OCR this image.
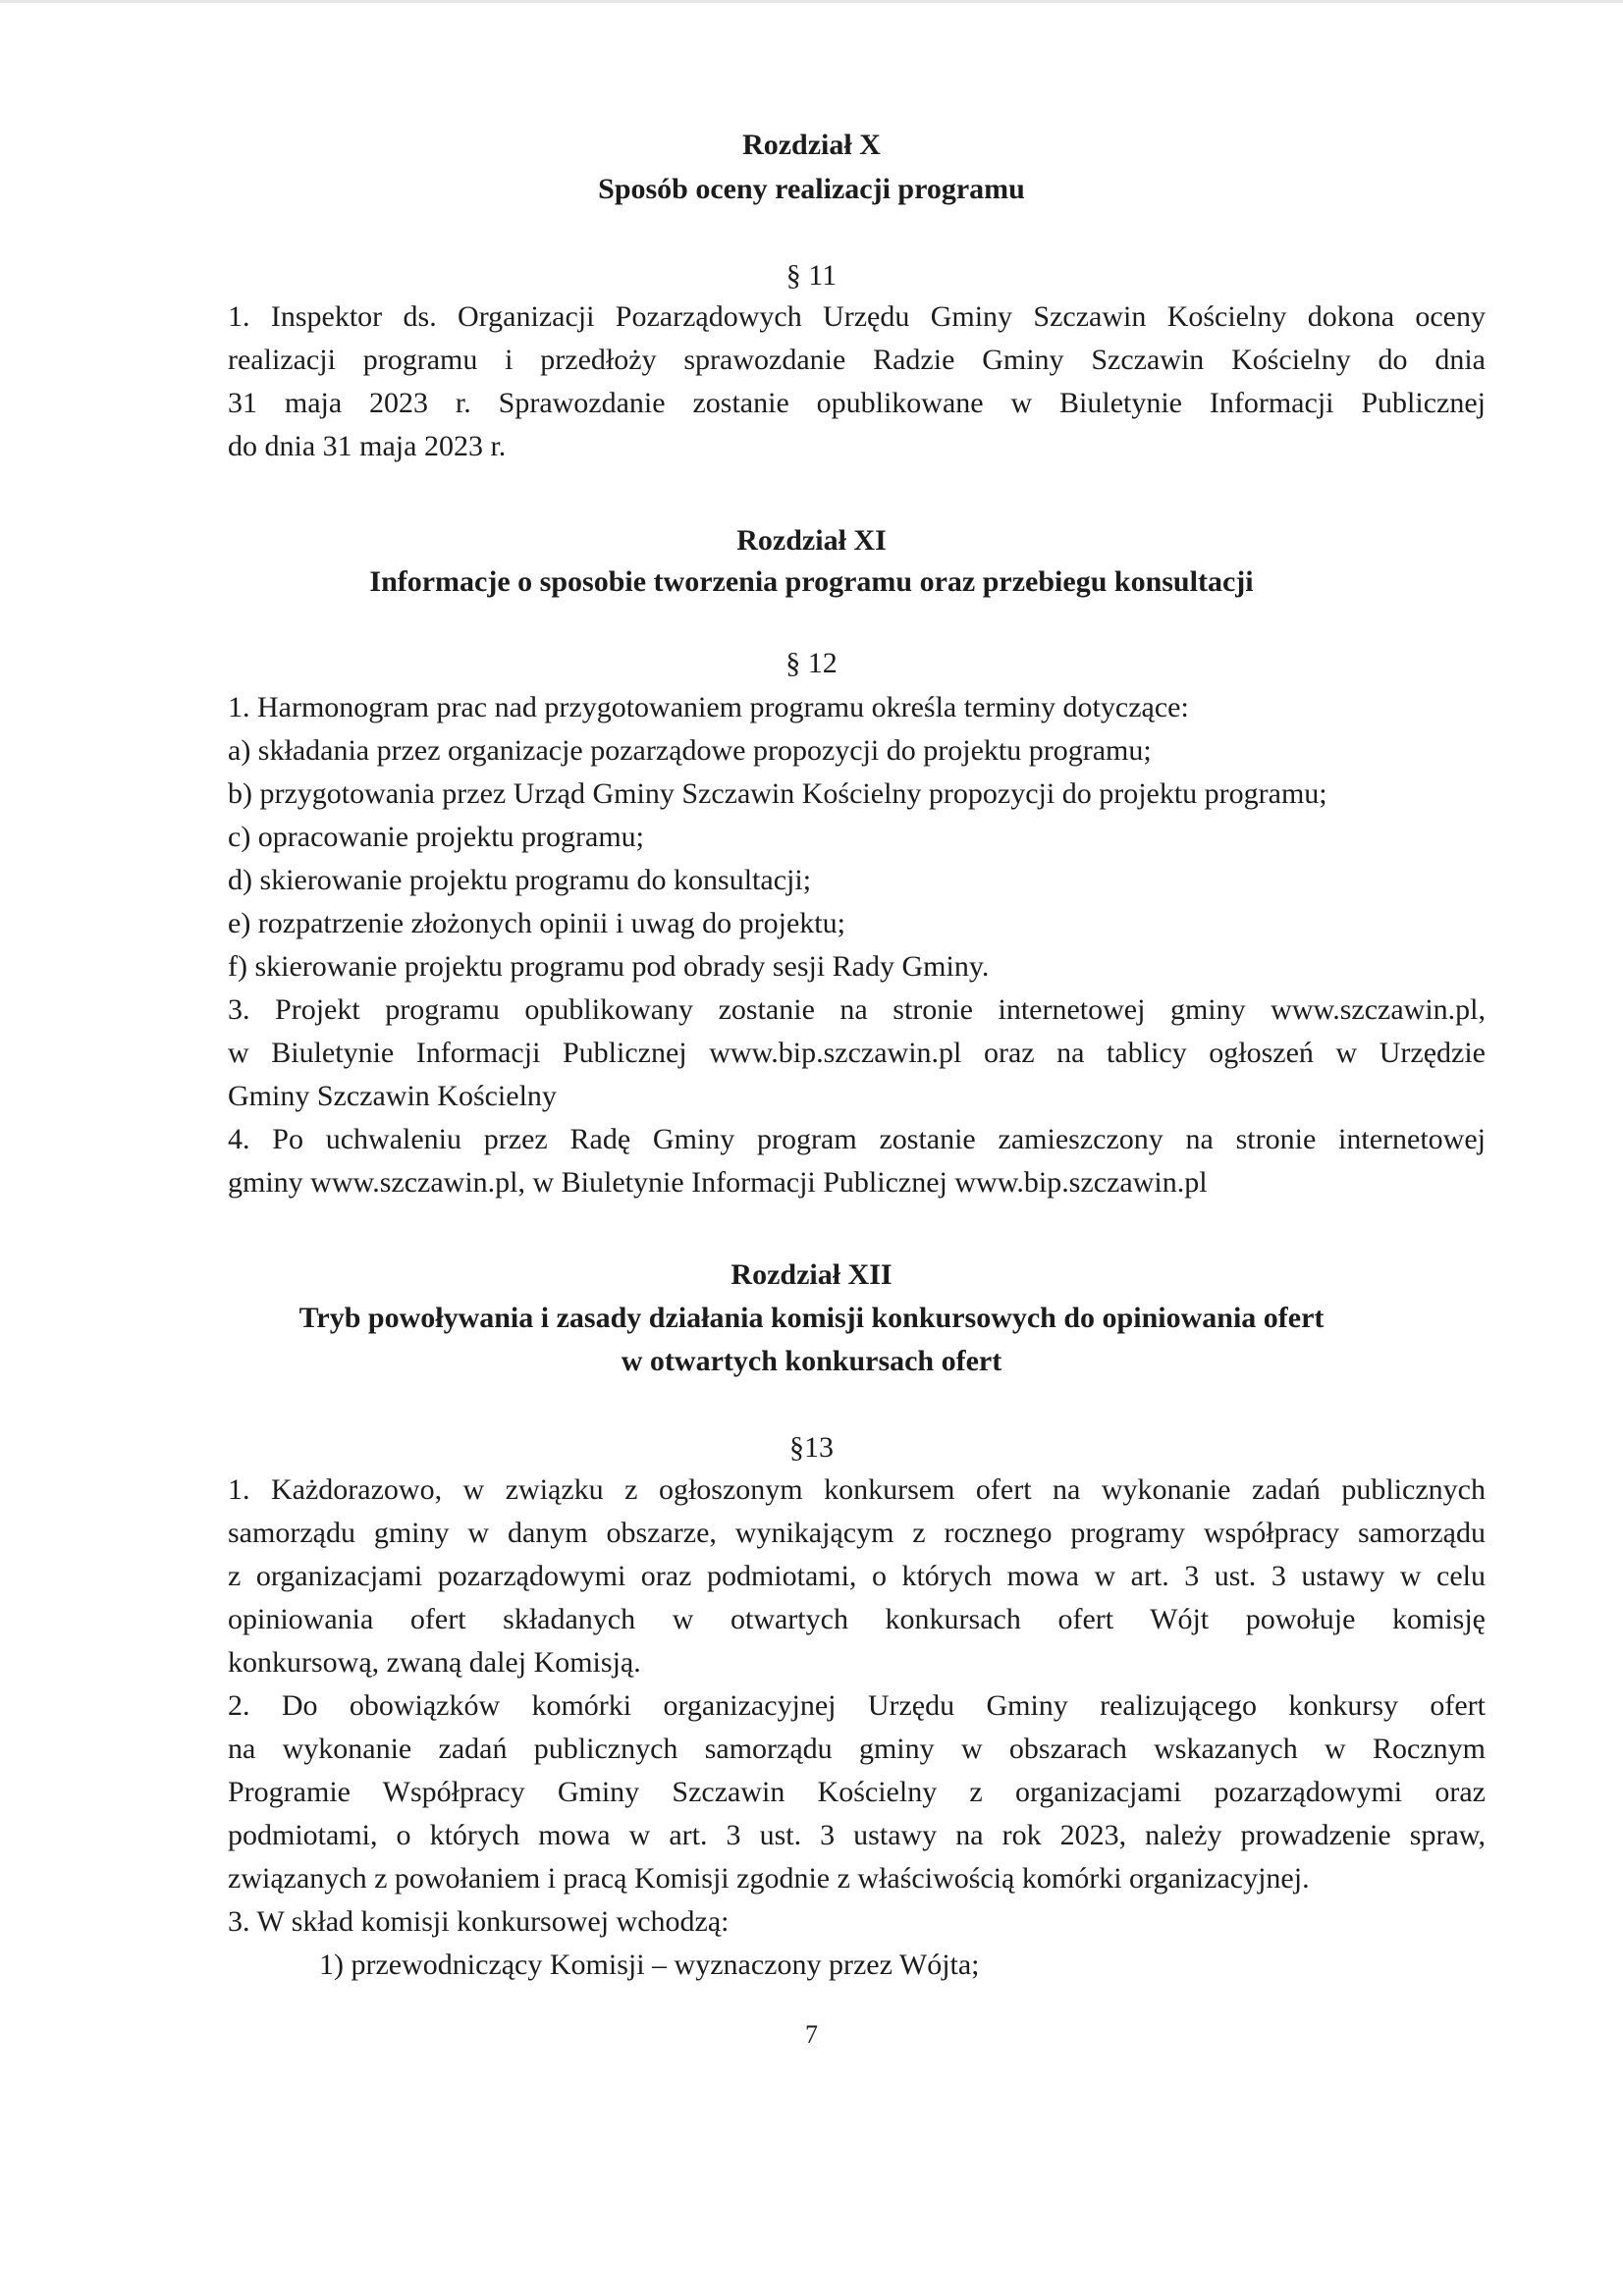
Rozdział X
Sposób oceny realizacji programu
§ 11
1. Inspektor ds. Organizacji Pozarządowych Urzędu Gminy Szczawin Kościelny dokona oceny
realizacji programu i przedłoży sprawozdanie Radzie Gminy Szczawin Kościelny do dnia
31 maja 2023 r. Sprawozdanie zostanie opublikowane w Biuletynie Informacji Publicznej
do dnia 31 maja 2023 r.
Rozdział XI
Informacje o sposobie tworzenia programu oraz przebiegu konsultacji
§ 12
1. Harmonogram prac nad przygotowaniem programu określa terminy dotyczące:
a) składania przez organizacje pozarządowe propozycji do projektu programu;
b) przygotowania przez Urząd Gminy Szczawin Kościelny propozycji do projektu programu;
c) opracowanie projektu programu;
d) skierowanie projektu programu do konsultacji;
e) rozpatrzenie złożonych opinii i uwag do projektu;
f) skierowanie projektu programu pod obrady sesji Rady Gminy.
3. Projekt programu opublikowany zostanie na stronie internetowej gminy www.szczawin.pl,
w Biuletynie Informacji Publicznej www.bip.szczawin.pl oraz na tablicy ogłoszeń w Urzędzie
Gminy Szczawin Kościelny
4. Po uchwaleniu przez Radę Gminy program zostanie zamieszczony na stronie internetowej
gminy www.szczawin.pl, w Biuletynie Informacji Publicznej www.bip.szczawin.pl
Rozdział XII
Tryb powoływania i zasady działania komisji konkursowych do opiniowania ofert
w otwartych konkursach ofert
§13
1. Każdorazowo, w związku z ogłoszonym konkursem ofert na wykonanie zadań publicznych
samorządu gminy w danym obszarze, wynikającym z rocznego programy współpracy samorządu
z organizacjami pozarządowymi oraz podmiotami, o których mowa w art. 3 ust. 3 ustawy w celu
opiniowania ofert składanych w otwartych konkursach ofert Wójt powołuje komisję
konkursową, zwaną dalej Komisją.
2. Do obowiązków komórki organizacyjnej Urzędu Gminy realizującego konkursy ofert
na wykonanie zadań publicznych samorządu gminy w obszarach wskazanych w Rocznym
Programie Współpracy Gminy Szczawin Kościelny z organizacjami pozarządowymi oraz
podmiotami, o których mowa w art. 3 ust. 3 ustawy na rok 2023, należy prowadzenie spraw,
związanych z powołaniem i pracą Komisji zgodnie z właściwością komórki organizacyjnej.
3. W skład komisji konkursowej wchodzą:
1) przewodniczący Komisji – wyznaczony przez Wójta;
7
